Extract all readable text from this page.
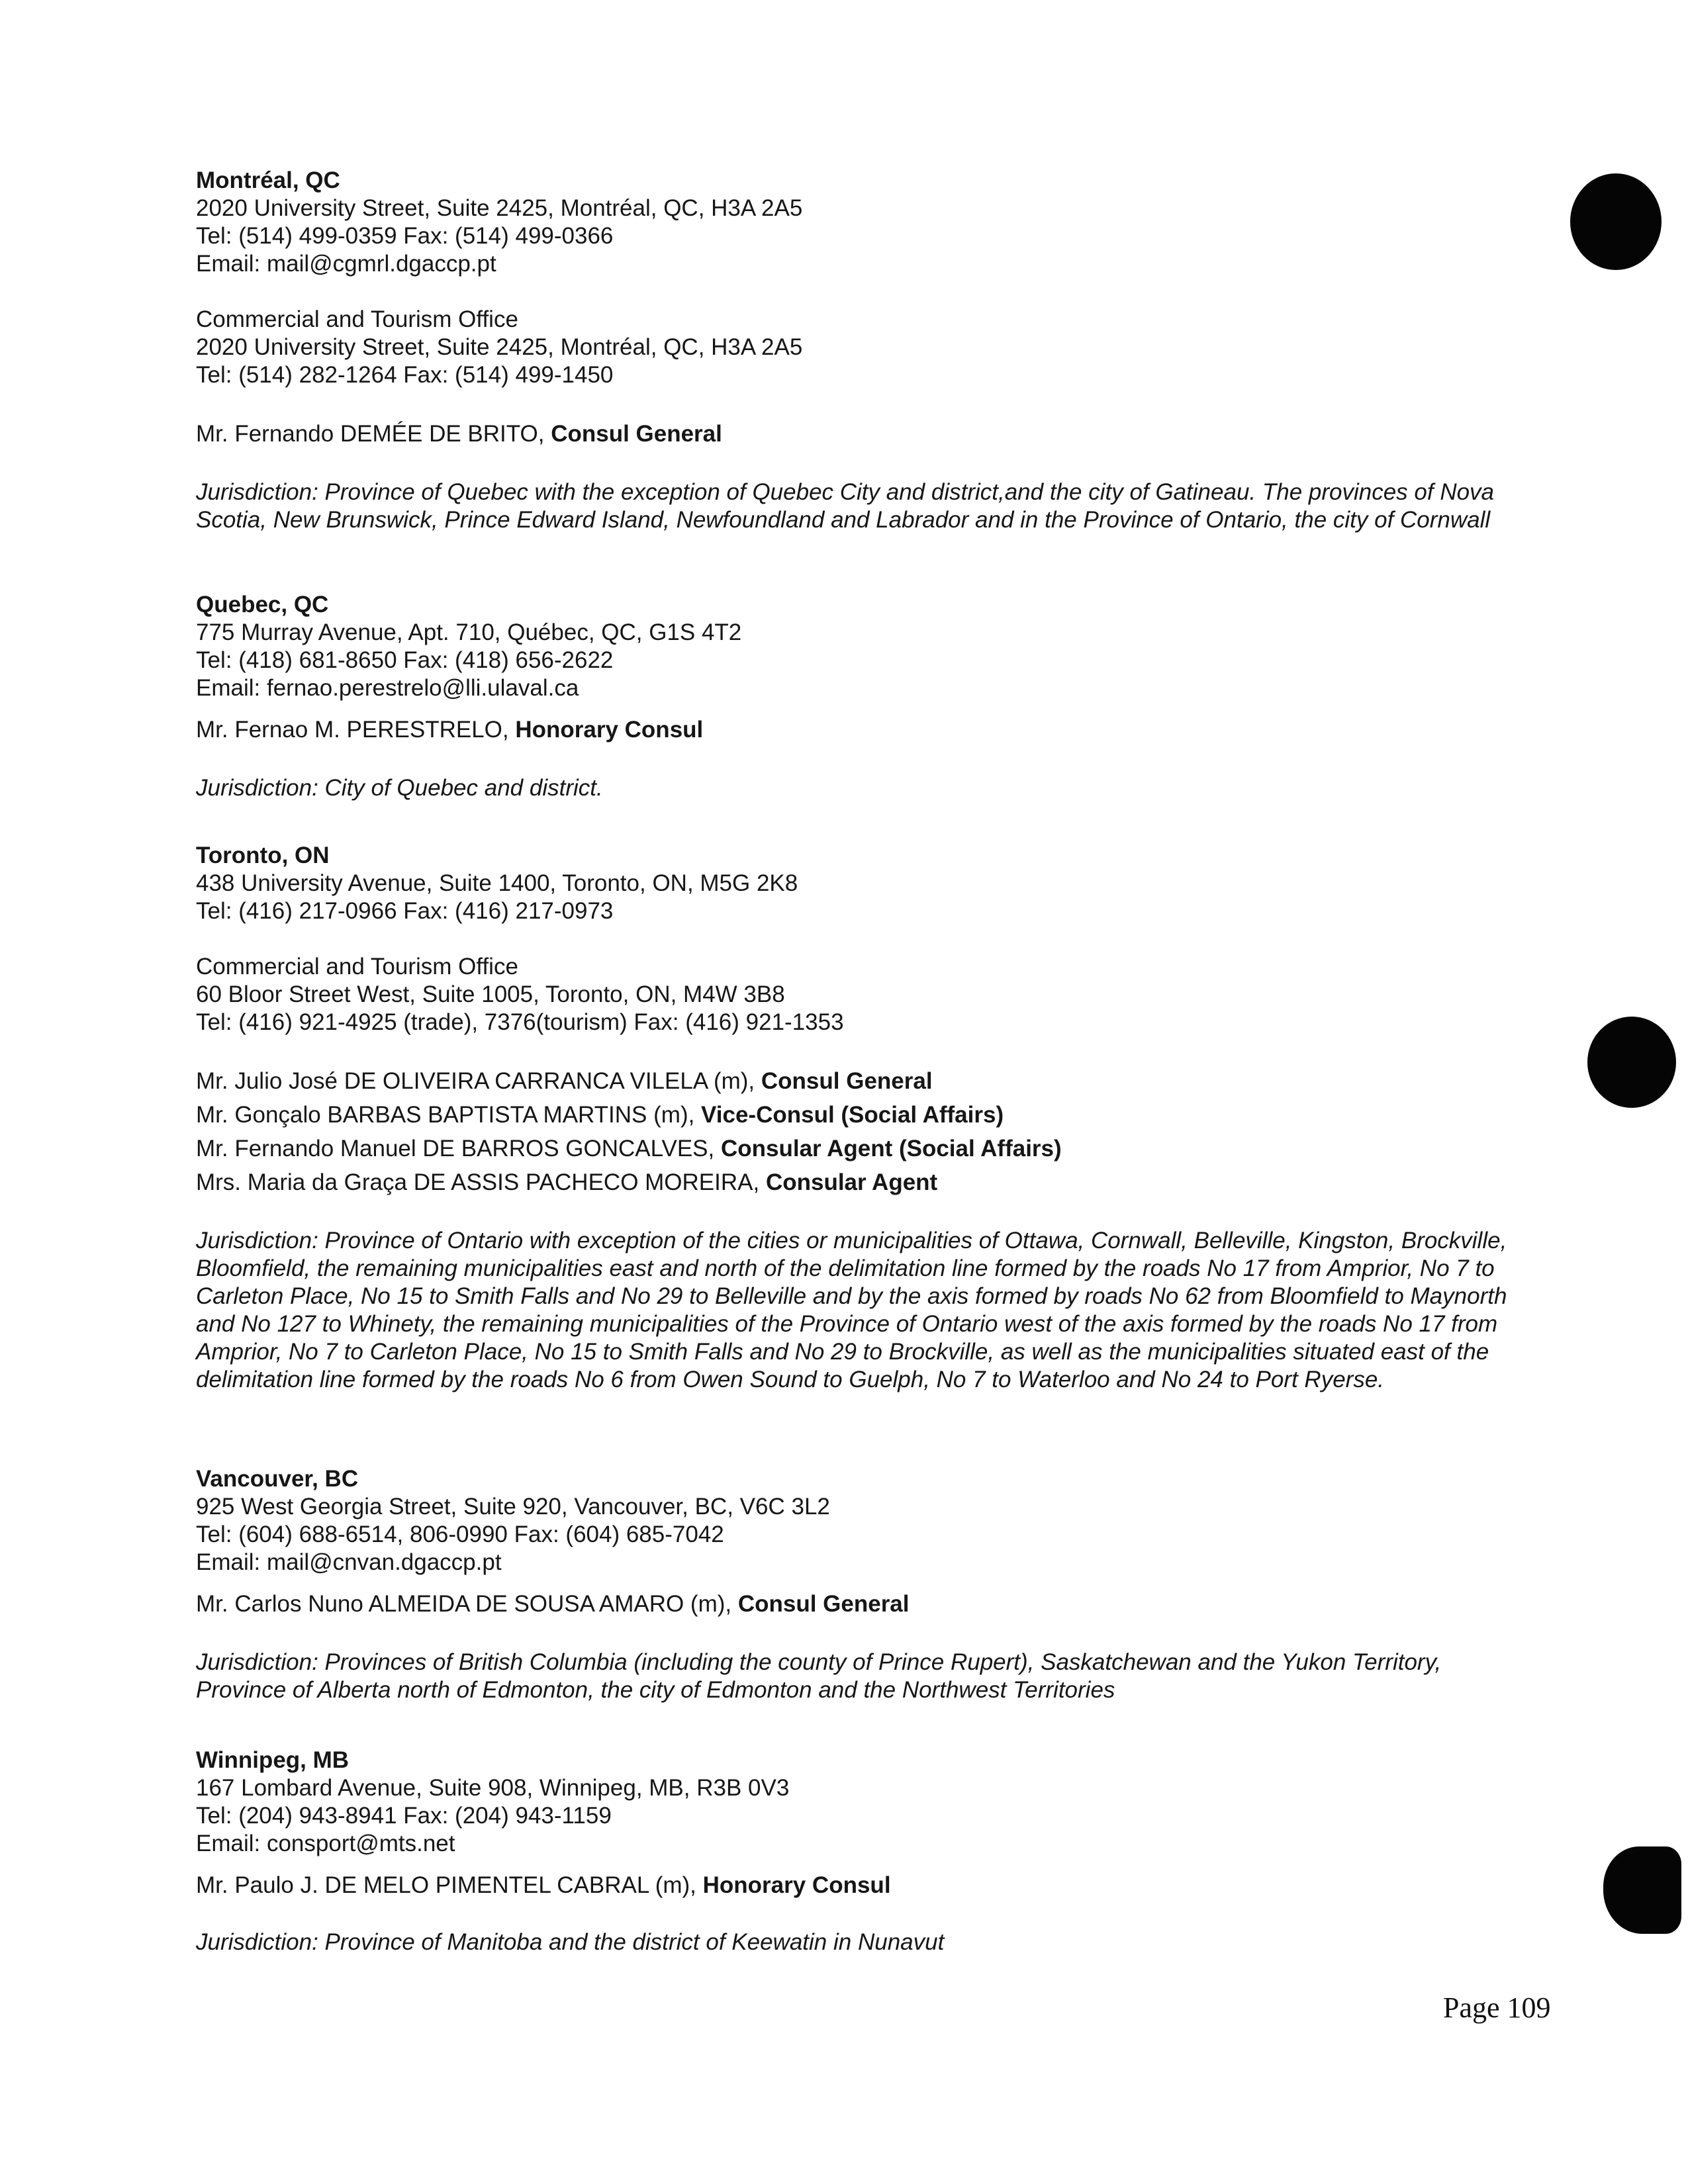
Montréal, QC
2020 University Street, Suite 2425, Montréal, QC, H3A 2A5
Tel: (514) 499-0359 Fax: (514) 499-0366
Email: mail@cgmrl.dgaccp.pt
Commercial and Tourism Office
2020 University Street, Suite 2425, Montréal, QC, H3A 2A5
Tel: (514) 282-1264 Fax: (514) 499-1450
Mr. Fernando DEMÉE DE BRITO, Consul General
Jurisdiction: Province of Quebec with the exception of Quebec City and district,and the city of Gatineau. The provinces of Nova Scotia, New Brunswick, Prince Edward Island, Newfoundland and Labrador and in the Province of Ontario, the city of Cornwall
Quebec, QC
775 Murray Avenue, Apt. 710, Québec, QC, G1S 4T2
Tel: (418) 681-8650 Fax: (418) 656-2622
Email: fernao.perestrelo@lli.ulaval.ca
Mr. Fernao M. PERESTRELO, Honorary Consul
Jurisdiction: City of Quebec and district.
Toronto, ON
438 University Avenue, Suite 1400, Toronto, ON, M5G 2K8
Tel: (416) 217-0966 Fax: (416) 217-0973
Commercial and Tourism Office
60 Bloor Street West, Suite 1005, Toronto, ON, M4W 3B8
Tel: (416) 921-4925 (trade), 7376(tourism) Fax: (416) 921-1353
Mr. Julio José DE OLIVEIRA CARRANCA VILELA (m), Consul General
Mr. Gonçalo BARBAS BAPTISTA MARTINS (m), Vice-Consul (Social Affairs)
Mr. Fernando Manuel DE BARROS GONCALVES, Consular Agent (Social Affairs)
Mrs. Maria da Graça DE ASSIS PACHECO MOREIRA, Consular Agent
Jurisdiction: Province of Ontario with exception of the cities or municipalities of Ottawa, Cornwall, Belleville, Kingston, Brockville, Bloomfield, the remaining municipalities east and north of the delimitation line formed by the roads No 17 from Amprior, No 7 to Carleton Place, No 15 to Smith Falls and No 29 to Belleville and by the axis formed by roads No 62 from Bloomfield to Maynorth and No 127 to Whinety, the remaining municipalities of the Province of Ontario west of the axis formed by the roads No 17 from Amprior, No 7 to Carleton Place, No 15 to Smith Falls and No 29 to Brockville, as well as the municipalities situated east of the delimitation line formed by the roads No 6 from Owen Sound to Guelph, No 7 to Waterloo and No 24 to Port Ryerse.
Vancouver, BC
925 West Georgia Street, Suite 920, Vancouver, BC, V6C 3L2
Tel: (604) 688-6514, 806-0990 Fax: (604) 685-7042
Email: mail@cnvan.dgaccp.pt
Mr. Carlos Nuno ALMEIDA DE SOUSA AMARO (m), Consul General
Jurisdiction: Provinces of British Columbia (including the county of Prince Rupert), Saskatchewan and the Yukon Territory, Province of Alberta north of Edmonton, the city of Edmonton and the Northwest Territories
Winnipeg, MB
167 Lombard Avenue, Suite 908, Winnipeg, MB, R3B 0V3
Tel: (204) 943-8941 Fax: (204) 943-1159
Email: consport@mts.net
Mr. Paulo J. DE MELO PIMENTEL CABRAL (m), Honorary Consul
Jurisdiction: Province of Manitoba and the district of Keewatin in Nunavut
Page 109
